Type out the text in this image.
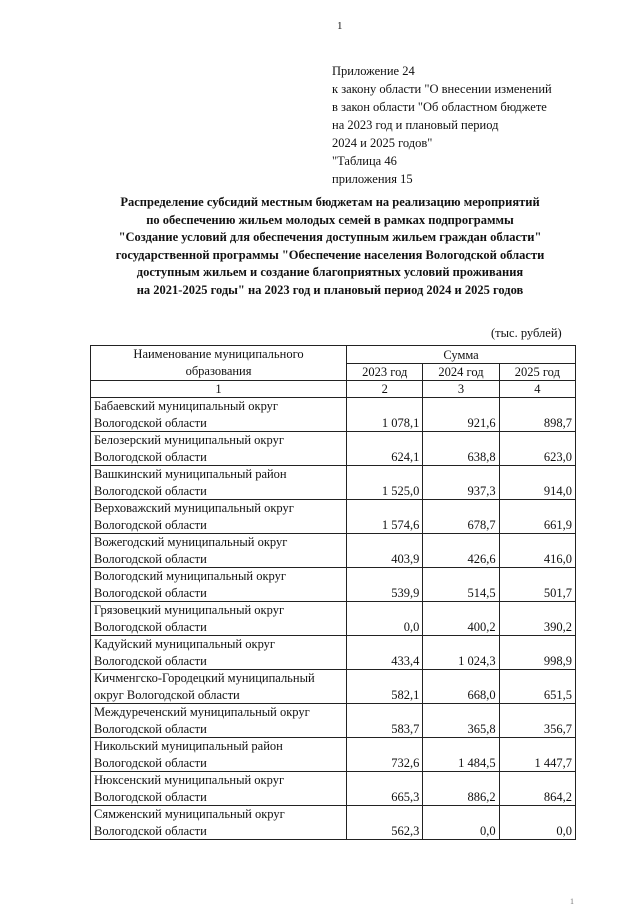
1
Приложение 24
к закону области "О внесении изменений
в закон области "Об областном бюджете
на 2023 год и плановый период
2024 и 2025 годов"
"Таблица 46
приложения 15
Распределение субсидий местным бюджетам на реализацию мероприятий
по обеспечению жильем молодых семей в рамках подпрограммы
"Создание условий для обеспечения доступным жильем граждан области"
государственной программы "Обеспечение населения Вологодской области
доступным жильем и создание благоприятных условий проживания
на 2021-2025 годы" на 2023 год и плановый период 2024 и 2025 годов
(тыс. рублей)
Наименование муниципального
образования	Сумма		
	2023 год	2024 год	2025 год
1	2	3	4

Бабаевский муниципальный округ
Вологодской области	1 078,1	921,6	898,7

Белозерский муниципальный округ
Вологодской области	624,1	638,8	623,0

Вашкинский муниципальный район
Вологодской области	1 525,0	937,3	914,0

Верховажский муниципальный округ
Вологодской области	1 574,6	678,7	661,9

Вожегодский муниципальный округ
Вологодской области	403,9	426,6	416,0

Вологодский муниципальный округ
Вологодской области	539,9	514,5	501,7

Грязовецкий муниципальный округ
Вологодской области	0,0	400,2	390,2

Кадуйский муниципальный округ
Вологодской области	433,4	1 024,3	998,9

Кичменгско-Городецкий муниципальный
округ Вологодской области	582,1	668,0	651,5

Междуреченский муниципальный округ
Вологодской области	583,7	365,8	356,7

Никольский муниципальный район
Вологодской области	732,6	1 484,5	1 447,7

Нюксенский муниципальный округ
Вологодской области	665,3	886,2	864,2

Сямженский муниципальный округ
Вологодской области	562,3	0,0	0,0
1
